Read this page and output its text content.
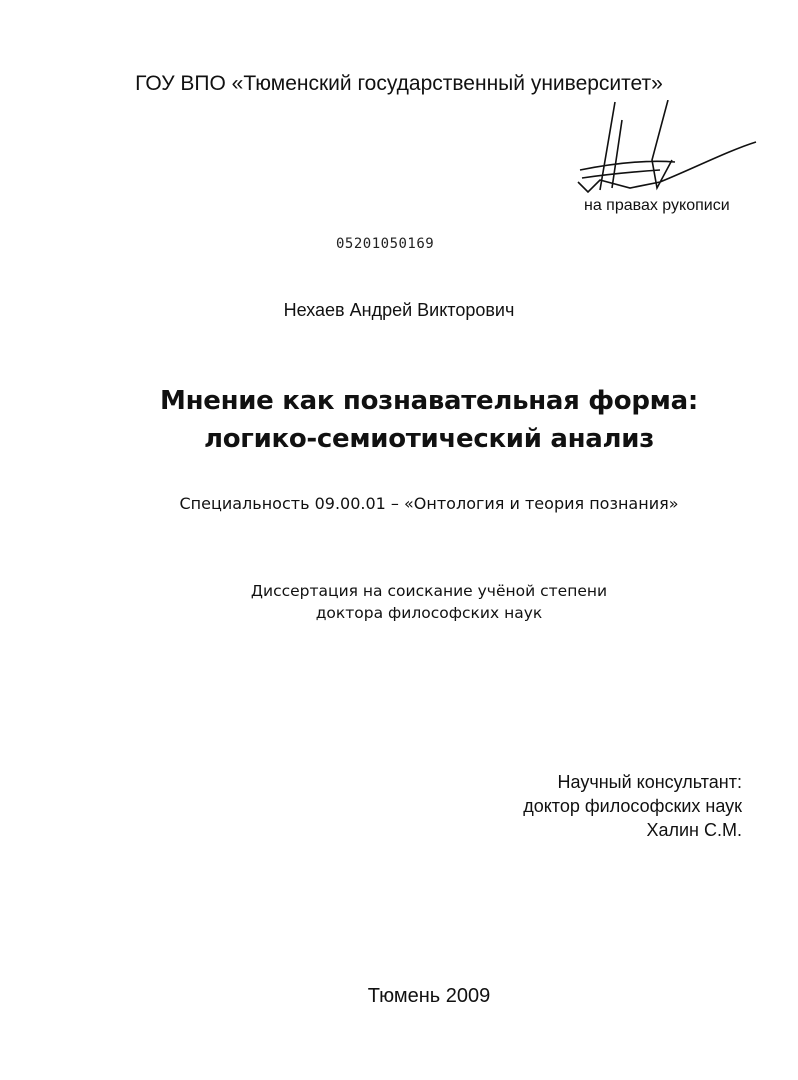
ГОУ ВПО «Тюменский государственный университет»
на правах рукописи
05201050169
Нехаев Андрей Викторович
Мнение как познавательная форма:
логико-семиотический анализ
Специальность 09.00.01 – «Онтология и теория познания»
Диссертация на соискание учёной степени
доктора философских наук
Научный консультант:
доктор философских наук
Халин С.М.
Тюмень 2009
